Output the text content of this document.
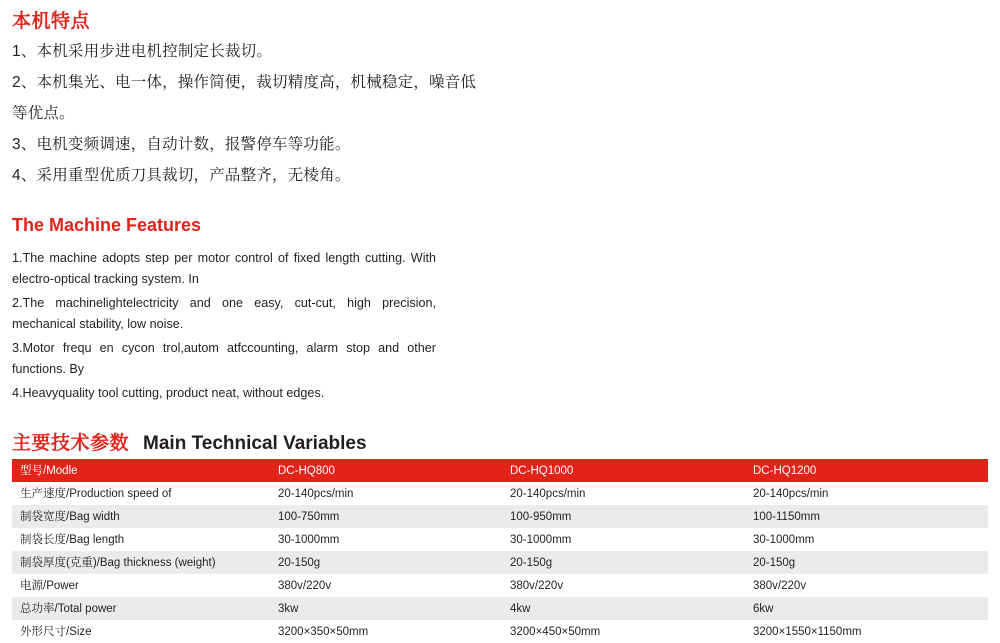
本机特点
1、本机采用步进电机控制定长裁切。
2、本机集光、电一体，操作简便，裁切精度高，机械稳定，噪音低等优点。
3、电机变频调速，自动计数，报警停车等功能。
4、采用重型优质刀具裁切，产品整齐，无棱角。
The Machine Features
1.The machine adopts step per motor control of fixed length cutting. With electro-optical tracking system. In
2.The machinelightelectricity and one easy, cut-cut, high precision, mechanical stability, low noise.
3.Motor frequ en cycon trol,autom atfccounting, alarm stop and other functions. By
4.Heavyquality tool cutting, product neat, without edges.
主要技术参数 Main Technical Variables
型号/Modle	DC-HQ800	DC-HQ1000	DC-HQ1200
生产速度/Production speed of	20-140pcs/min	20-140pcs/min	20-140pcs/min
制袋宽度/Bag width	100-750mm	100-950mm	100-1150mm
制袋长度/Bag length	30-1000mm	30-1000mm	30-1000mm
制袋厚度(克重)/Bag thickness (weight)	20-150g	20-150g	20-150g
电源/Power	380v/220v	380v/220v	380v/220v
总功率/Total power	3kw	4kw	6kw
外形尺寸/Size	3200×350×50mm	3200×450×50mm	3200×1550×1150mm
